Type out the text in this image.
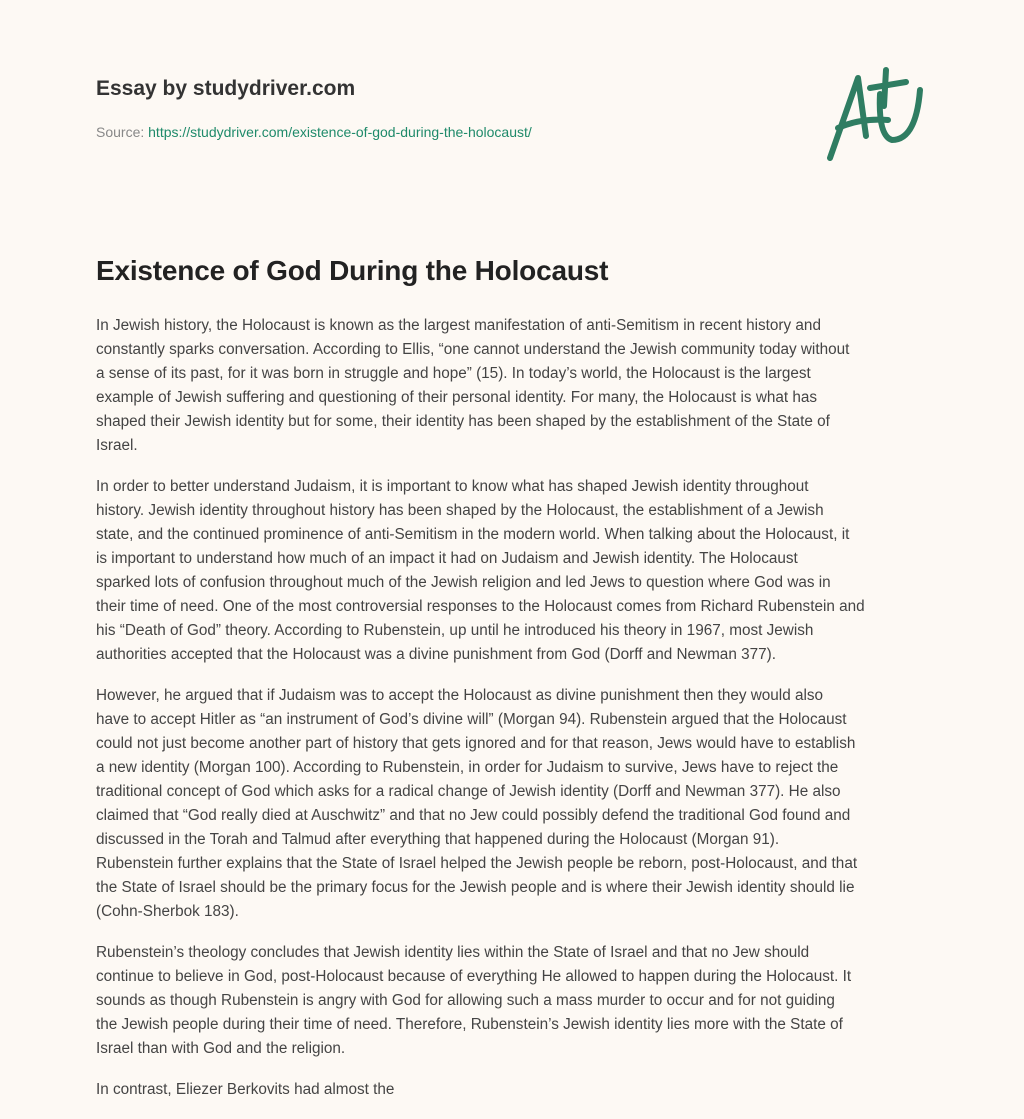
Essay by studydriver.com
Source: https://studydriver.com/existence-of-god-during-the-holocaust/
Existence of God During the Holocaust

In Jewish history, the Holocaust is known as the largest manifestation of anti-Semitism in recent history and
constantly sparks conversation. According to Ellis, “one cannot understand the Jewish community today without
a sense of its past, for it was born in struggle and hope” (15). In today’s world, the Holocaust is the largest
example of Jewish suffering and questioning of their personal identity. For many, the Holocaust is what has
shaped their Jewish identity but for some, their identity has been shaped by the establishment of the State of
Israel.

In order to better understand Judaism, it is important to know what has shaped Jewish identity throughout
history. Jewish identity throughout history has been shaped by the Holocaust, the establishment of a Jewish
state, and the continued prominence of anti-Semitism in the modern world. When talking about the Holocaust, it
is important to understand how much of an impact it had on Judaism and Jewish identity. The Holocaust
sparked lots of confusion throughout much of the Jewish religion and led Jews to question where God was in
their time of need. One of the most controversial responses to the Holocaust comes from Richard Rubenstein and
his “Death of God” theory. According to Rubenstein, up until he introduced his theory in 1967, most Jewish
authorities accepted that the Holocaust was a divine punishment from God (Dorff and Newman 377).

However, he argued that if Judaism was to accept the Holocaust as divine punishment then they would also
have to accept Hitler as “an instrument of God’s divine will” (Morgan 94). Rubenstein argued that the Holocaust
could not just become another part of history that gets ignored and for that reason, Jews would have to establish
a new identity (Morgan 100). According to Rubenstein, in order for Judaism to survive, Jews have to reject the
traditional concept of God which asks for a radical change of Jewish identity (Dorff and Newman 377). He also
claimed that “God really died at Auschwitz” and that no Jew could possibly defend the traditional God found and
discussed in the Torah and Talmud after everything that happened during the Holocaust (Morgan 91).
Rubenstein further explains that the State of Israel helped the Jewish people be reborn, post-Holocaust, and that
the State of Israel should be the primary focus for the Jewish people and is where their Jewish identity should lie
(Cohn-Sherbok 183).

Rubenstein’s theology concludes that Jewish identity lies within the State of Israel and that no Jew should
continue to believe in God, post-Holocaust because of everything He allowed to happen during the Holocaust. It
sounds as though Rubenstein is angry with God for allowing such a mass murder to occur and for not guiding
the Jewish people during their time of need. Therefore, Rubenstein’s Jewish identity lies more with the State of
Israel than with God and the religion.

In contrast, Eliezer Berkovits had almost the
